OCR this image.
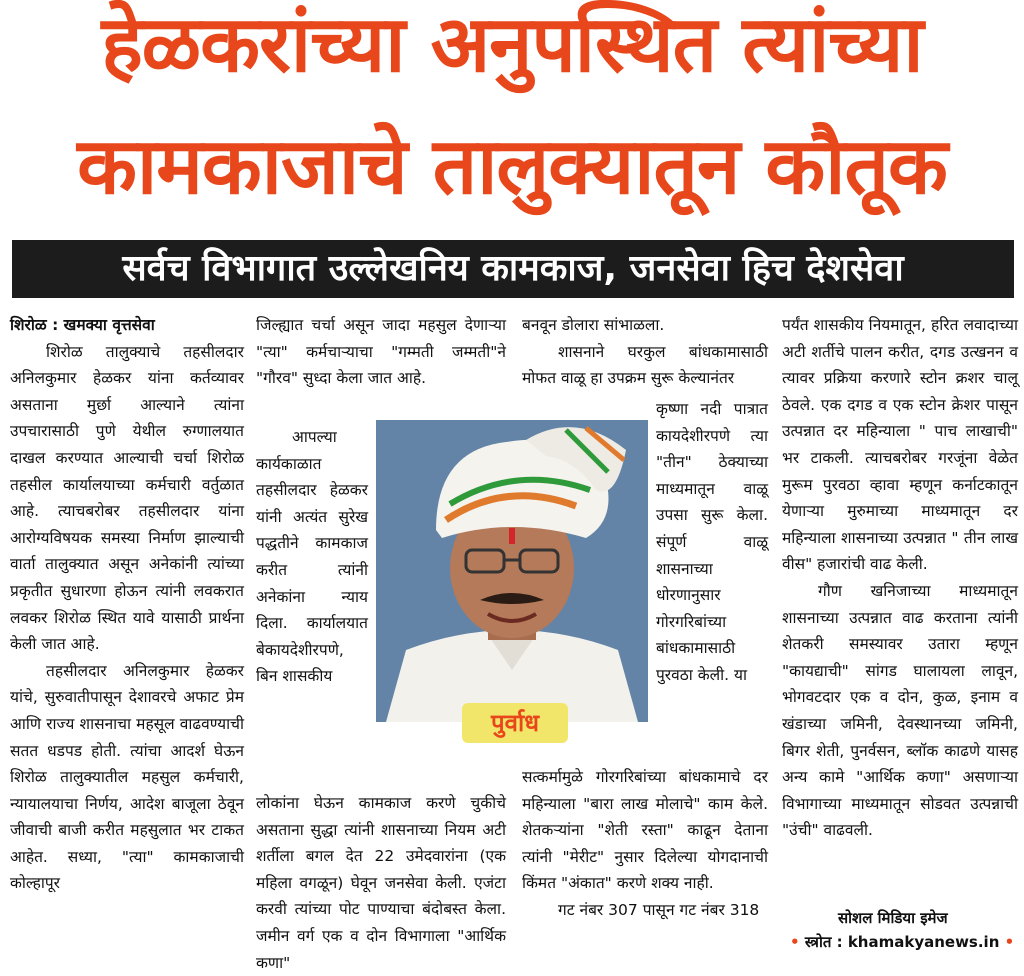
हेळकरांच्या अनुपस्थित त्यांच्या
कामकाजाचे तालुक्यातून कौतूक
सर्वच विभागात उल्लेखनिय कामकाज, जनसेवा हिच देशसेवा

शिरोळ : खमक्या वृत्तसेवा

शिरोळ तालुक्याचे तहसीलदार अनिलकुमार हेळकर यांना कर्तव्यावर असताना मुर्छा आल्याने त्यांना उपचारासाठी पुणे येथील रुग्णालयात दाखल करण्यात आल्याची चर्चा शिरोळ तहसील कार्यालयाच्या कर्मचारी वर्तुळात आहे. त्याचबरोबर तहसीलदार यांना आरोग्यविषयक समस्या निर्माण झाल्याची वार्ता तालुक्यात असून अनेकांनी त्यांच्या प्रकृतीत सुधारणा होऊन त्यांनी लवकरात लवकर शिरोळ स्थित यावे यासाठी प्रार्थना केली जात आहे.

तहसीलदार अनिलकुमार हेळकर यांचे, सुरुवातीपासून देशावरचे अफाट प्रेम आणि राज्य शासनाचा महसूल वाढवण्याची सतत धडपड होती. त्यांचा आदर्श घेऊन शिरोळ तालुक्यातील महसुल कर्मचारी, न्यायालयाचा निर्णय, आदेश बाजूला ठेवून जीवाची बाजी करीत महसुलात भर टाकत आहेत. सध्या, "त्या" कामकाजाची कोल्हापूर

जिल्ह्यात चर्चा असून जादा महसुल देणाऱ्या "त्या" कर्मचाऱ्याचा "गम्मती जम्मती"ने "गौरव" सुध्दा केला जात आहे.

आपल्या कार्यकाळात तहसीलदार हेळकर यांनी अत्यंत सुरेख पद्धतीने कामकाज करीत त्यांनी अनेकांना न्याय दिला. कार्यालयात बेकायदेशीरपणे, बिन शासकीय

लोकांना घेऊन कामकाज करणे चुकीचे असताना सुद्धा त्यांनी शासनाच्या नियम अटी शर्तीला बगल देत 22 उमेदवारांना (एक महिला वगळून) घेवून जनसेवा केली. एजंटा करवी त्यांच्या पोट पाण्याचा बंदोबस्त केला. जमीन वर्ग एक व दोन विभागाला "आर्थिक कणा"

बनवून डोलारा सांभाळला.

शासनाने घरकुल बांधकामासाठी मोफत वाळू हा उपक्रम सुरू केल्यानंतर

कृष्णा नदी पात्रात कायदेशीरपणे त्या "तीन" ठेक्याच्या माध्यमातून वाळू उपसा सुरू केला. संपूर्ण वाळू शासनाच्या धोरणानुसार गोरगरिबांच्या बांधकामासाठी पुरवठा केली. या

सत्कर्मामुळे गोरगरिबांच्या बांधकामाचे दर महिन्याला "बारा लाख मोलाचे" काम केले. शेतकऱ्यांना "शेती रस्ता" काढून देताना त्यांनी "मेरीट" नुसार दिलेल्या योगदानाची किंमत "अंकात" करणे शक्य नाही.

गट नंबर 307 पासून गट नंबर 318

पर्यंत शासकीय नियमातून, हरित लवादाच्या अटी शर्तीचे पालन करीत, दगड उत्खनन व त्यावर प्रक्रिया करणारे स्टोन क्रशर चालू ठेवले. एक दगड व एक स्टोन क्रेशर पासून उत्पन्नात दर महिन्याला " पाच लाखाची" भर टाकली. त्याचबरोबर गरजूंना वेळेत मुरूम पुरवठा व्हावा म्हणून कर्नाटकातून येणाऱ्या मुरुमाच्या माध्यमातून दर महिन्याला शासनाच्या उत्पन्नात " तीन लाख वीस" हजारांची वाढ केली.

गौण खनिजाच्या माध्यमातून शासनाच्या उत्पन्नात वाढ करताना त्यांनी शेतकरी समस्यावर उतारा म्हणून "कायद्याची" सांगड घालायला लावून, भोगवटदार एक व दोन, कुळ, इनाम व खंडाच्या जमिनी, देवस्थानच्या जमिनी, बिगर शेती, पुनर्वसन, ब्लॉक काढणे यासह अन्य कामे "आर्थिक कणा" असणाऱ्या विभागाच्या माध्यमातून सोडवत उत्पन्नाची "उंची" वाढवली.

पुर्वाध
सोशल मिडिया इमेज
• स्त्रोत : khamakyanews.in •
